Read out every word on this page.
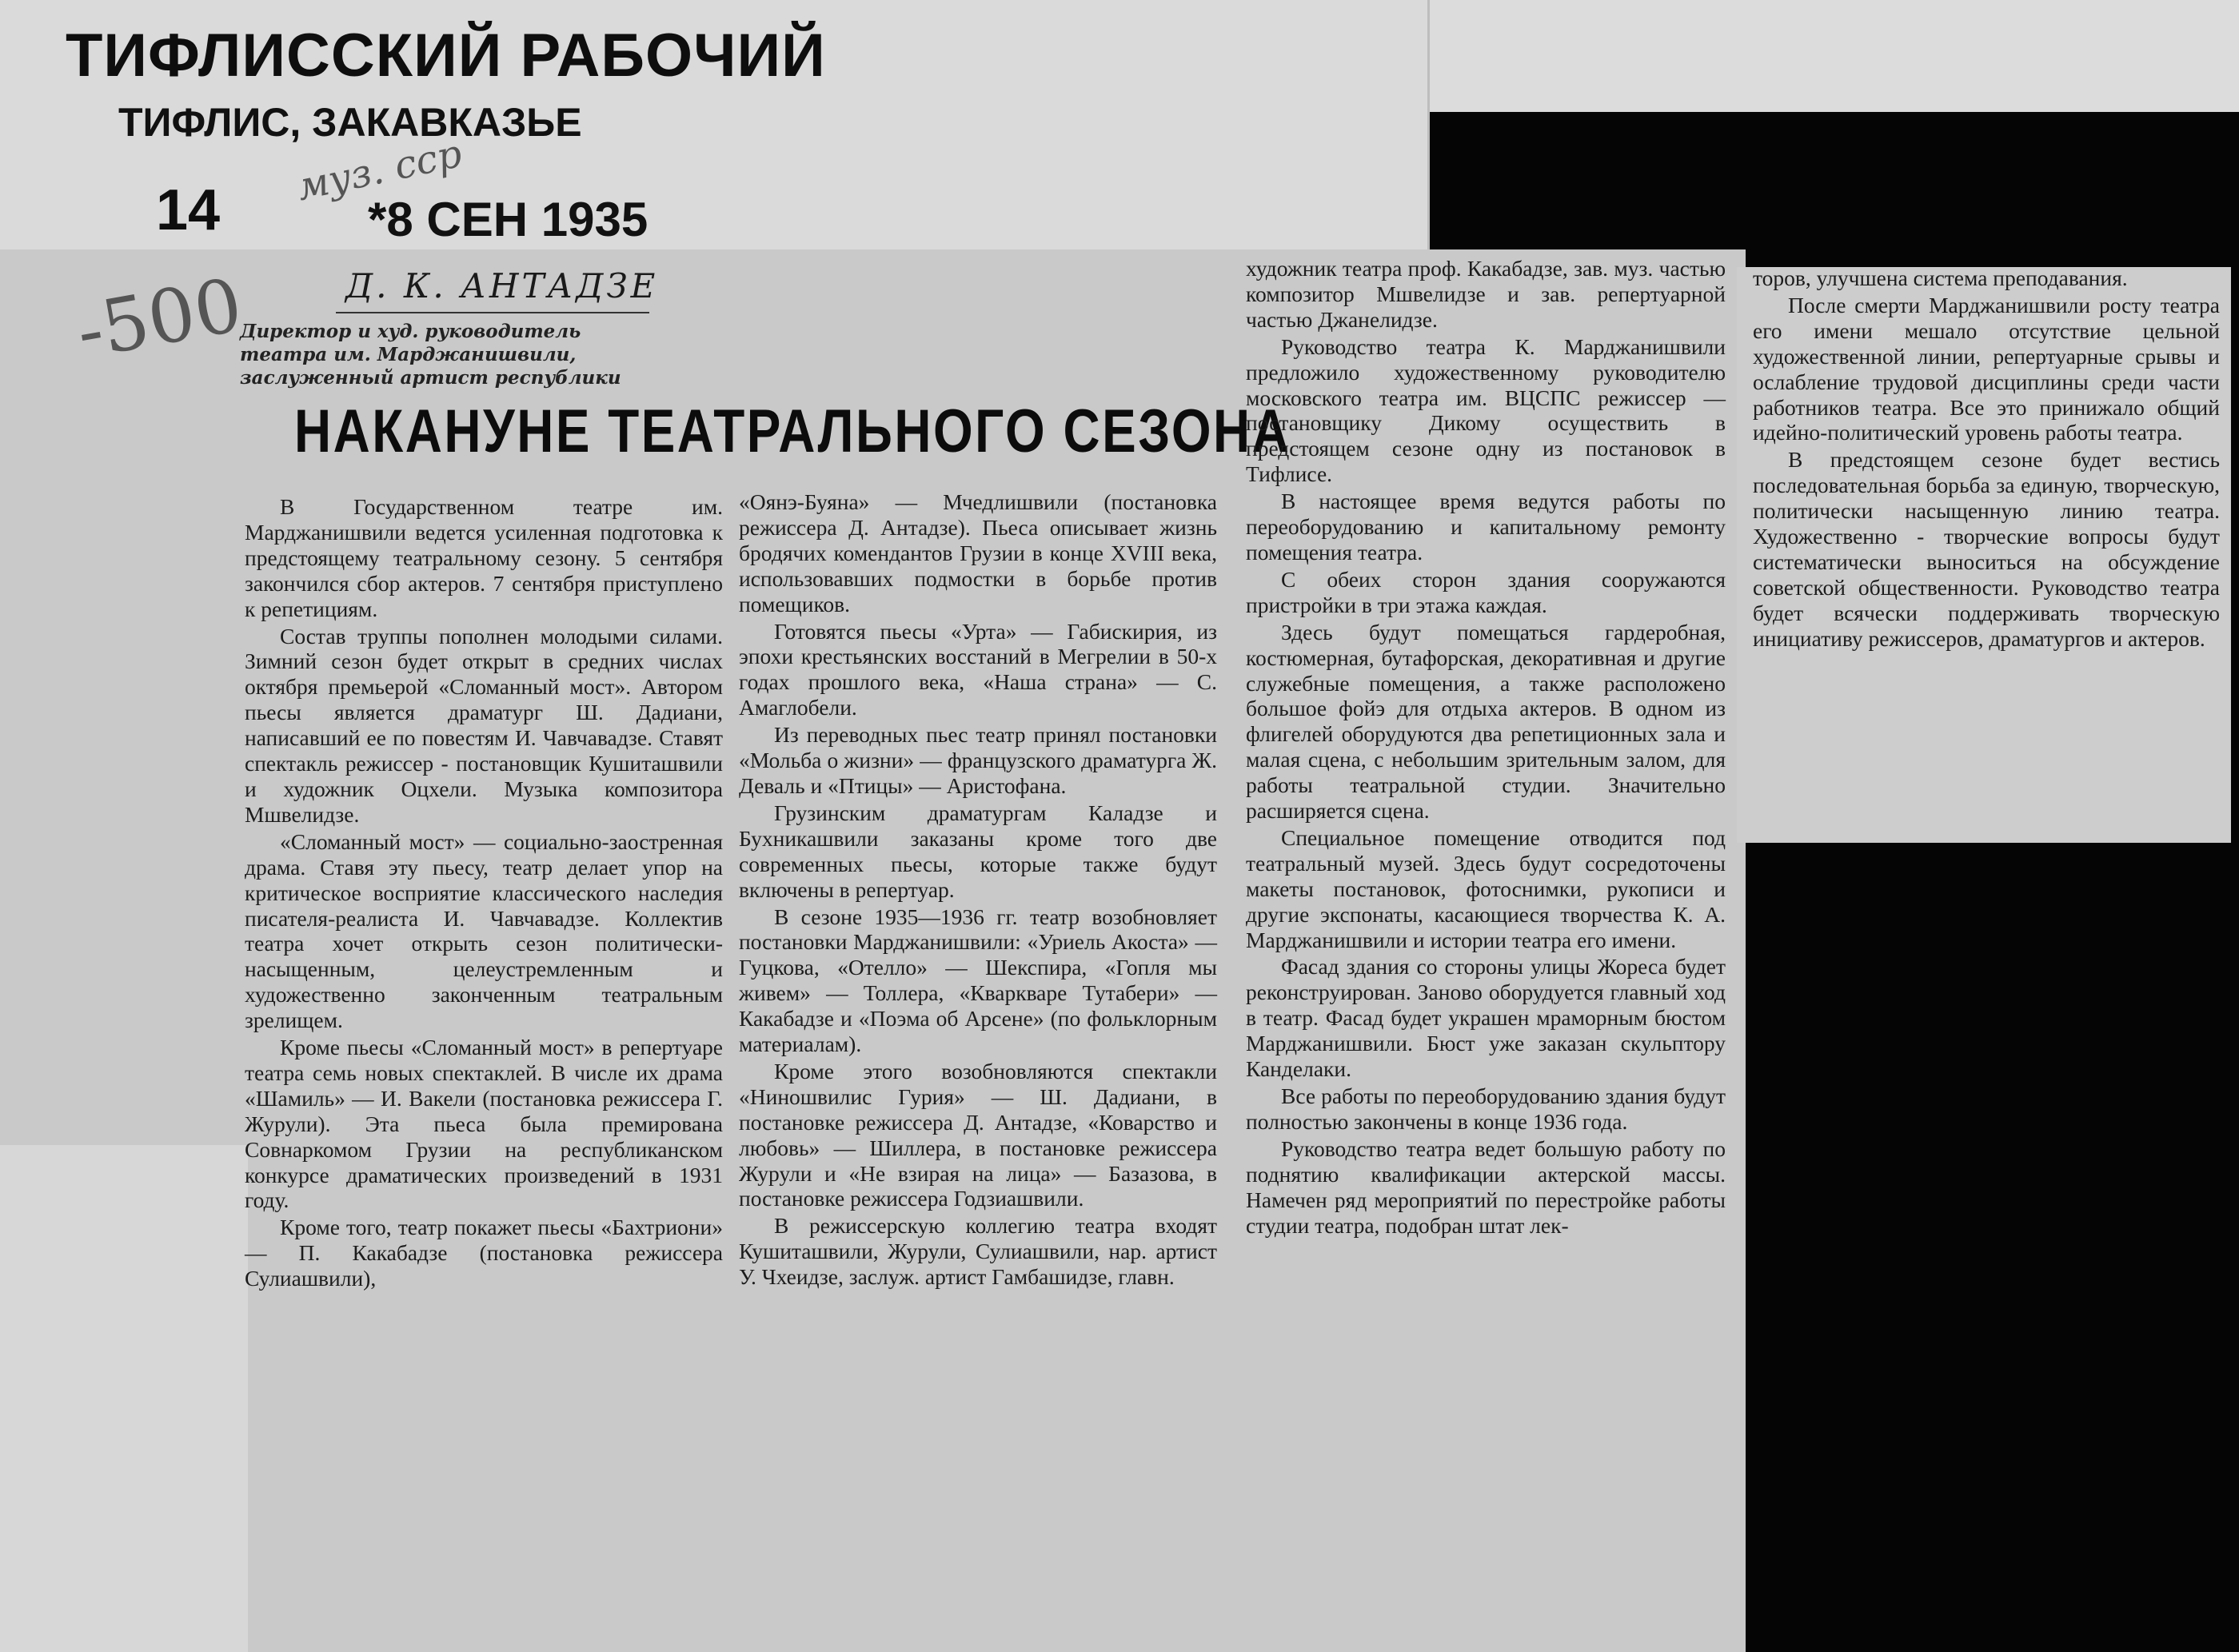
ТИФЛИССКИЙ РАБОЧИЙ
ТИФЛИС, ЗАКАВКАЗЬЕ
14
муз. сср
*8 СЕН 1935
-500	Д. К. АНТАДЗЕ
Директор и худ. руководитель театра им. Марджанишвили, заслуженный артист республики
НАКАНУНЕ ТЕАТРАЛЬНОГО СЕЗОНА

В Государственном театре им. Марджанишвили ведется усиленная подготовка к предстоящему театральному сезону. 5 сентября закончился сбор актеров. 7 сентября приступлено к репетициям.

Состав труппы пополнен молодыми силами. Зимний сезон будет открыт в средних числах октября премьерой «Сломанный мост». Автором пьесы является драматург Ш. Дадиани, написавший ее по повестям И. Чавчавадзе. Ставят спектакль режиссер - постановщик Кушиташвили и художник Оцхели. Музыка композитора Мшвелидзе.

«Сломанный мост» — социально-заостренная драма. Ставя эту пьесу, театр делает упор на критическое восприятие классического наследия писателя-реалиста И. Чавчавадзе. Коллектив театра хочет открыть сезон политически-насыщенным, целеустремленным и художественно законченным театральным зрелищем.

Кроме пьесы «Сломанный мост» в репертуаре театра семь новых спектаклей. В числе их драма «Шамиль» — И. Вакели (постановка режиссера Г. Журули). Эта пьеса была премирована Совнаркомом Грузии на республиканском конкурсе драматических произведений в 1931 году.

Кроме того, театр покажет пьесы «Бахтриони» — П. Какабадзе (постановка режиссера Сулиашвили),

«Оянэ-Буяна» — Мчедлишвили (постановка режиссера Д. Антадзе). Пьеса описывает жизнь бродячих комендантов Грузии в конце XVIII века, использовавших подмостки в борьбе против помещиков.

Готовятся пьесы «Урта» — Габискирия, из эпохи крестьянских восстаний в Мегрелии в 50-х годах прошлого века, «Наша страна» — С. Амаглобели.

Из переводных пьес театр принял постановки «Мольба о жизни» — французского драматурга Ж. Деваль и «Птицы» — Аристофана.

Грузинским драматургам Каладзе и Бухникашвили заказаны кроме того две современных пьесы, которые также будут включены в репертуар.

В сезоне 1935—1936 гг. театр возобновляет постановки Марджанишвили: «Уриель Акоста» — Гуцкова, «Отелло» — Шекспира, «Гопля мы живем» — Толлера, «Кваркваре Тутабери» — Какабадзе и «Поэма об Арсене» (по фольклорным материалам).

Кроме этого возобновляются спектакли «Ниношвилис Гурия» — Ш. Дадиани, в постановке режиссера Д. Антадзе, «Коварство и любовь» — Шиллера, в постановке режиссера Журули и «Не взирая на лица» — Базазова, в постановке режиссера Годзиашвили.

В режиссерскую коллегию театра входят Кушиташвили, Журули, Сулиашвили, нар. артист У. Чхеидзе, заслуж. артист Гамбашидзе, главн.

художник театра проф. Какабадзе, зав. муз. частью композитор Мшвелидзе и зав. репертуарной частью Джанелидзе.

Руководство театра К. Марджанишвили предложило художественному руководителю московского театра им. ВЦСПС режиссер — постановщику Дикому осуществить в предстоящем сезоне одну из постановок в Тифлисе.

В настоящее время ведутся работы по переоборудованию и капитальному ремонту помещения театра.

С обеих сторон здания сооружаются пристройки в три этажа каждая.

Здесь будут помещаться гардеробная, костюмерная, бутафорская, декоративная и другие служебные помещения, а также расположено большое фойэ для отдыха актеров. В одном из флигелей оборудуются два репетиционных зала и малая сцена, с небольшим зрительным залом, для работы театральной студии. Значительно расширяется сцена.

Специальное помещение отводится под театральный музей. Здесь будут сосредоточены макеты постановок, фотоснимки, рукописи и другие экспонаты, касающиеся творчества К. А. Марджанишвили и истории театра его имени.

Фасад здания со стороны улицы Жореса будет реконструирован. Заново оборудуется главный ход в театр. Фасад будет украшен мраморным бюстом Марджанишвили. Бюст уже заказан скульптору Канделаки.

Все работы по переоборудованию здания будут полностью закончены в конце 1936 года.

Руководство театра ведет большую работу по поднятию квалификации актерской массы. Намечен ряд мероприятий по перестройке работы студии театра, подобран штат лек-

торов, улучшена система преподавания.

После смерти Марджанишвили росту театра его имени мешало отсутствие цельной художественной линии, репертуарные срывы и ослабление трудовой дисциплины среди части работников театра. Все это принижало общий идейно-политический уровень работы театра.

В предстоящем сезоне будет вестись последовательная борьба за единую, творческую, политически насыщенную линию театра. Художественно - творческие вопросы будут систематически выноситься на обсуждение советской общественности. Руководство театра будет всячески поддерживать творческую инициативу режиссеров, драматургов и актеров.
